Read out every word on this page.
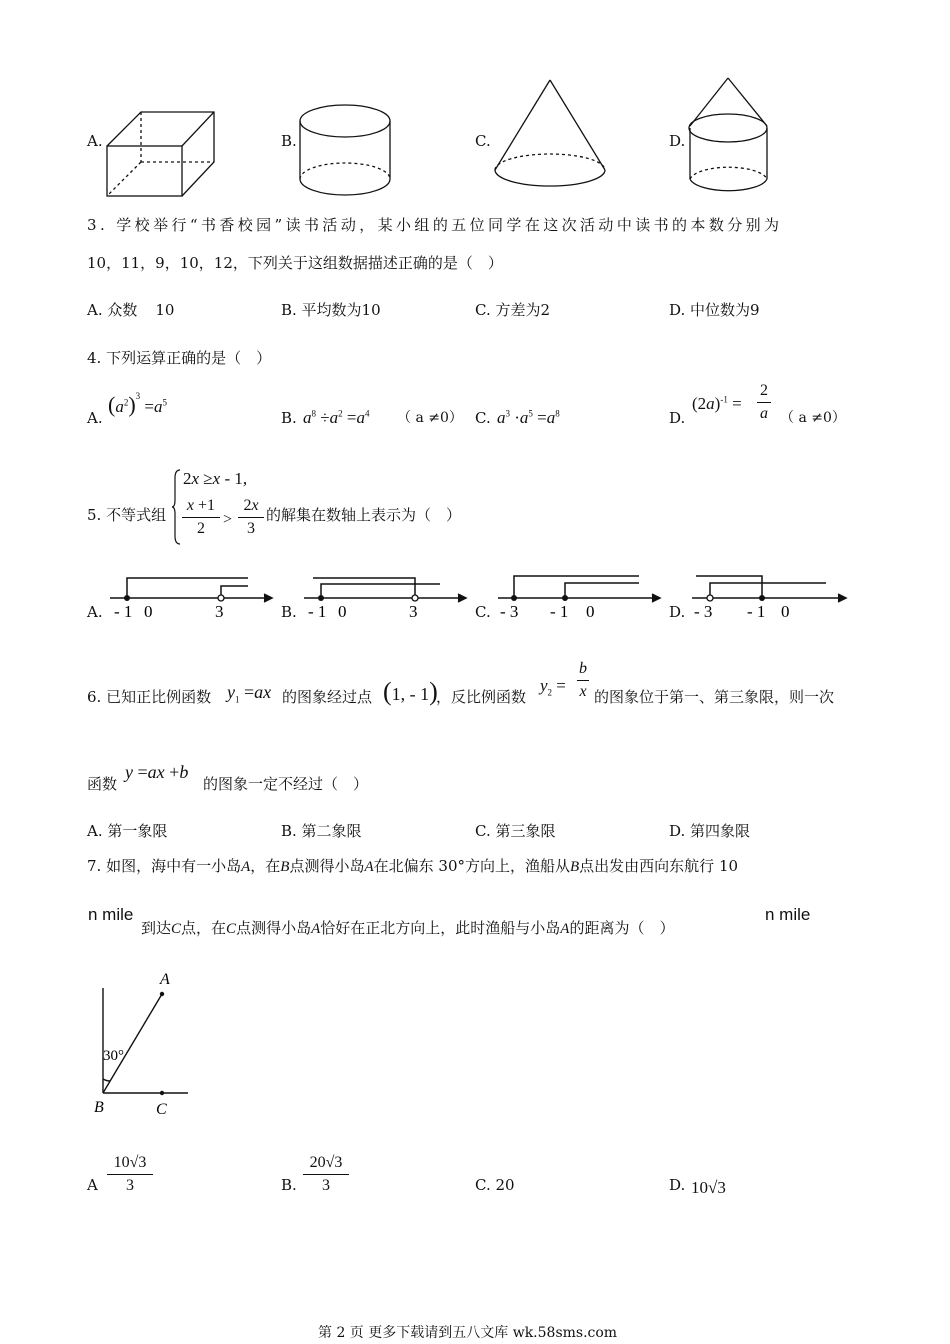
A.	B.	C.	D.
3. 学校举行“书香校园”读书活动，某小组的五位同学在这次活动中读书的本数分别为
10，11，9，10，12，下列关于这组数据描述正确的是（　）
A. 众数 10	B. 平均数为10	C. 方差为2	D. 中位数为9
4. 下列运算正确的是（　）
A.
$(a^2)^3 =a^5$
B. $a^8 \div a^2 =a^4$ （ a ≠0） C. $a^3 \cdot a^5 =a^8$	D.
$(2a)^{-1}$ =
2
a （ a ≠0）
5. 不等式组
2x ≥x - 1,
x +1
2
>
2x
3
的解集在数轴上表示为（　）
A. - 1 0	3	B. - 1 0	3	C. - 3 - 1 0	D. - 3 - 1 0
6. 已知正比例函数 $y_1 =ax$ 的图象经过点 (1, - 1)
，反比例函数
$y_2$ =
b
x 的图象位于第一、第三象限，则一次
函数
y =ax +b
的图象一定不经过（　）
A. 第一象限	B. 第二象限	C. 第三象限	D. 第四象限
7. 如图，海中有一小岛A，在B点测得小岛A在北偏东 30°方向上，渔船从B点出发由西向东航行 10
n mile
到达C点，在C点测得小岛A恰好在正北方向上，此时渔船与小岛A的距离为（　）
n mile
A
B	C
30°
A
10√3
3	B.
20√3
3	C. 20	D. 10√3
第 2 页 更多下载请到五八文库 wk.58sms.com
